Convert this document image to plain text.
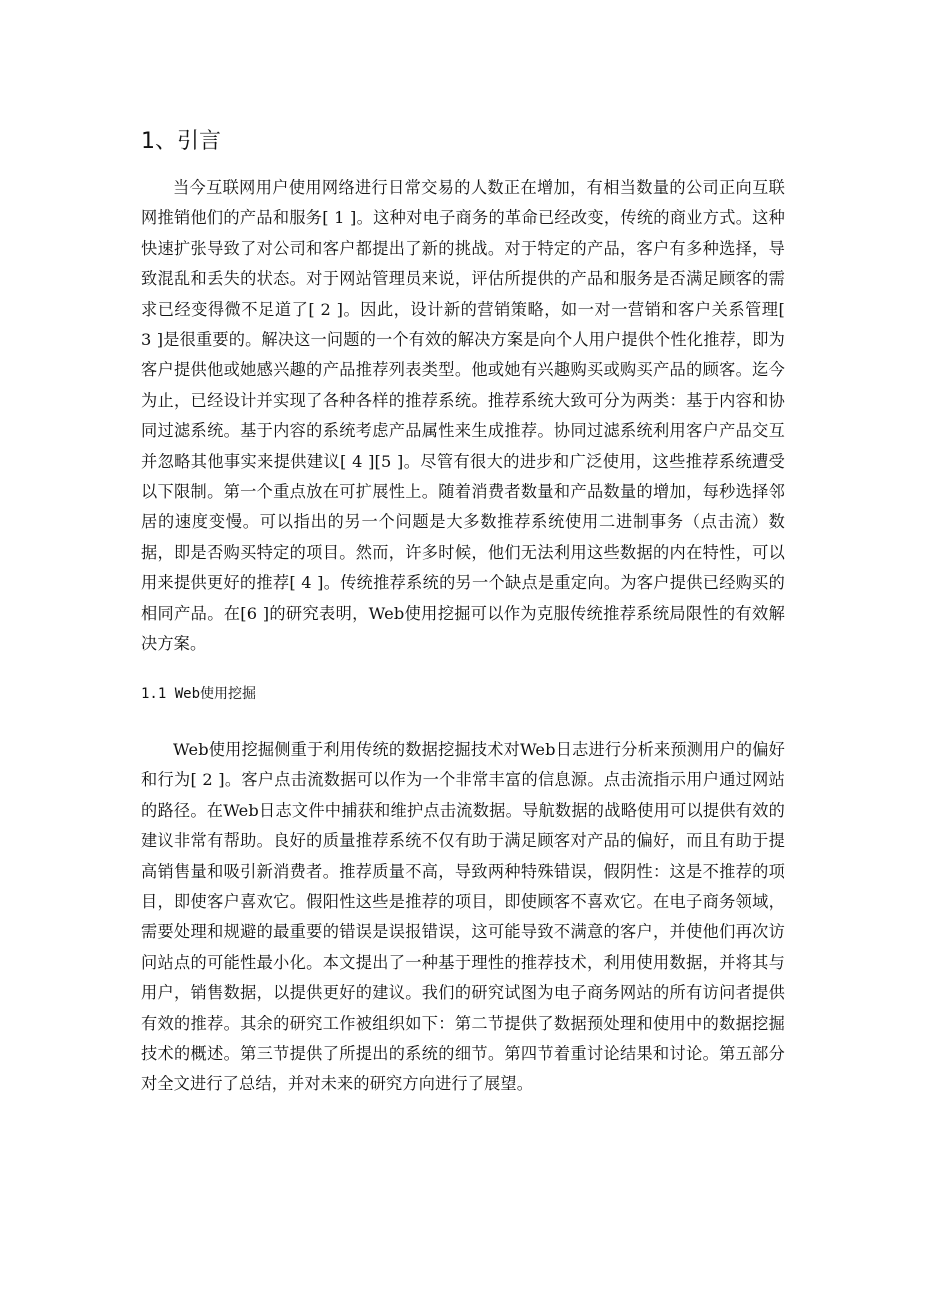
1、引言

当今互联网用户使用网络进行日常交易的人数正在增加，有相当数量的公司正向互联网推销他们的产品和服务[ 1 ]。这种对电子商务的革命已经改变，传统的商业方式。这种快速扩张导致了对公司和客户都提出了新的挑战。对于特定的产品，客户有多种选择，导致混乱和丢失的状态。对于网站管理员来说，评估所提供的产品和服务是否满足顾客的需求已经变得微不足道了[ 2 ]。因此，设计新的营销策略，如一对一营销和客户关系管理[ 3 ]是很重要的。解决这一问题的一个有效的解决方案是向个人用户提供个性化推荐，即为客户提供他或她感兴趣的产品推荐列表类型。他或她有兴趣购买或购买产品的顾客。迄今为止，已经设计并实现了各种各样的推荐系统。推荐系统大致可分为两类：基于内容和协同过滤系统。基于内容的系统考虑产品属性来生成推荐。协同过滤系统利用客户产品交互并忽略其他事实来提供建议[ 4 ][5 ]。尽管有很大的进步和广泛使用，这些推荐系统遭受以下限制。第一个重点放在可扩展性上。随着消费者数量和产品数量的增加，每秒选择邻居的速度变慢。可以指出的另一个问题是大多数推荐系统使用二进制事务（点击流）数据，即是否购买特定的项目。然而，许多时候，他们无法利用这些数据的内在特性，可以用来提供更好的推荐[ 4 ]。传统推荐系统的另一个缺点是重定向。为客户提供已经购买的相同产品。在[6 ]的研究表明，Web使用挖掘可以作为克服传统推荐系统局限性的有效解决方案。

1.1 Web使用挖掘

Web使用挖掘侧重于利用传统的数据挖掘技术对Web日志进行分析来预测用户的偏好和行为[ 2 ]。客户点击流数据可以作为一个非常丰富的信息源。点击流指示用户通过网站的路径。在Web日志文件中捕获和维护点击流数据。导航数据的战略使用可以提供有效的建议非常有帮助。良好的质量推荐系统不仅有助于满足顾客对产品的偏好，而且有助于提高销售量和吸引新消费者。推荐质量不高，导致两种特殊错误，假阴性：这是不推荐的项目，即使客户喜欢它。假阳性这些是推荐的项目，即使顾客不喜欢它。在电子商务领域，需要处理和规避的最重要的错误是误报错误，这可能导致不满意的客户，并使他们再次访问站点的可能性最小化。本文提出了一种基于理性的推荐技术，利用使用数据，并将其与用户，销售数据，以提供更好的建议。我们的研究试图为电子商务网站的所有访问者提供有效的推荐。其余的研究工作被组织如下：第二节提供了数据预处理和使用中的数据挖掘技术的概述。第三节提供了所提出的系统的细节。第四节着重讨论结果和讨论。第五部分对全文进行了总结，并对未来的研究方向进行了展望。
